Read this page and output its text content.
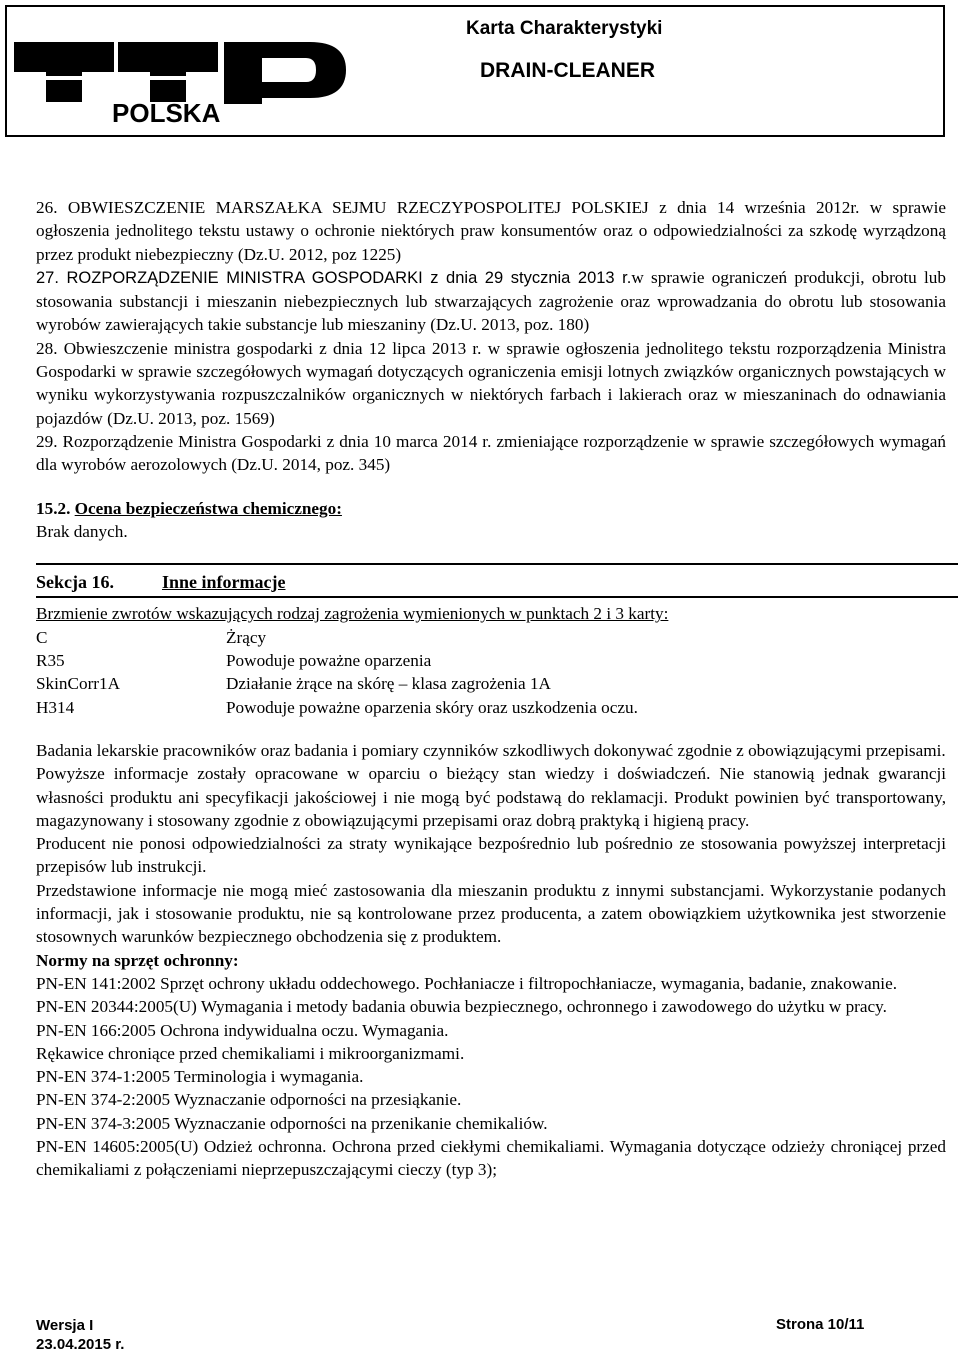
POLSKA
Karta Charakterystyki
DRAIN-CLEANER

26. OBWIESZCZENIE MARSZAŁKA SEJMU RZECZYPOSPOLITEJ POLSKIEJ z dnia 14 września 2012r. w sprawie ogłoszenia jednolitego tekstu ustawy o ochronie niektórych praw konsumentów oraz o odpowiedzialności za szkodę wyrządzoną przez produkt niebezpieczny (Dz.U. 2012, poz 1225)

27. ROZPORZĄDZENIE MINISTRA GOSPODARKI z dnia 29 stycznia 2013 r.w sprawie ograniczeń produkcji, obrotu lub stosowania substancji i mieszanin niebezpiecznych lub stwarzających zagrożenie oraz wprowadzania do obrotu lub stosowania wyrobów zawierających takie substancje lub mieszaniny (Dz.U. 2013, poz. 180)

28. Obwieszczenie ministra gospodarki z dnia 12 lipca 2013 r. w sprawie ogłoszenia jednolitego tekstu rozporządzenia Ministra Gospodarki w sprawie szczegółowych wymagań dotyczących ograniczenia emisji lotnych związków organicznych powstających w wyniku wykorzystywania rozpuszczalników organicznych w niektórych farbach i lakierach oraz w mieszaninach do odnawiania pojazdów (Dz.U. 2013, poz. 1569)

29. Rozporządzenie Ministra Gospodarki z dnia 10 marca 2014 r. zmieniające rozporządzenie w sprawie szczegółowych wymagań dla wyrobów aerozolowych (Dz.U. 2014, poz. 345)

15.2. Ocena bezpieczeństwa chemicznego:
Brak danych.
Sekcja 16.	Inne informacje
Brzmienie zwrotów wskazujących rodzaj zagrożenia wymienionych w punktach 2 i 3 karty:
C	Żrący
R35	Powoduje poważne oparzenia
SkinCorr1A	Działanie żrące na skórę – klasa zagrożenia 1A
H314	Powoduje poważne oparzenia skóry oraz uszkodzenia oczu.

Badania lekarskie pracowników oraz badania i pomiary czynników szkodliwych dokonywać zgodnie z obowiązującymi przepisami.

Powyższe informacje zostały opracowane w oparciu o bieżący stan wiedzy i doświadczeń. Nie stanowią jednak gwarancji własności produktu ani specyfikacji jakościowej i nie mogą być podstawą do reklamacji. Produkt powinien być transportowany, magazynowany i stosowany zgodnie z obowiązującymi przepisami oraz dobrą praktyką i higieną pracy.

Producent nie ponosi odpowiedzialności za straty wynikające bezpośrednio lub pośrednio ze stosowania powyższej interpretacji przepisów lub instrukcji.

Przedstawione informacje nie mogą mieć zastosowania dla mieszanin produktu z innymi substancjami. Wykorzystanie podanych informacji, jak i stosowanie produktu, nie są kontrolowane przez producenta, a zatem obowiązkiem użytkownika jest stworzenie stosownych warunków bezpiecznego obchodzenia się z produktem.

Normy na sprzęt ochronny:

PN-EN 141:2002 Sprzęt ochrony układu oddechowego. Pochłaniacze i filtropochłaniacze, wymagania, badanie, znakowanie.

PN-EN 20344:2005(U) Wymagania i metody badania obuwia bezpiecznego, ochronnego i zawodowego do użytku w pracy.

PN-EN 166:2005 Ochrona indywidualna oczu. Wymagania.

Rękawice chroniące przed chemikaliami i mikroorganizmami.

PN-EN 374-1:2005 Terminologia i wymagania.

PN-EN 374-2:2005 Wyznaczanie odporności na przesiąkanie.

PN-EN 374-3:2005 Wyznaczanie odporności na przenikanie chemikaliów.

PN-EN 14605:2005(U) Odzież ochronna. Ochrona przed ciekłymi chemikaliami. Wymagania dotyczące odzieży chroniącej przed chemikaliami z połączeniami nieprzepuszczającymi cieczy (typ 3);

Wersja I
23.04.2015 r.
Strona 10/11
